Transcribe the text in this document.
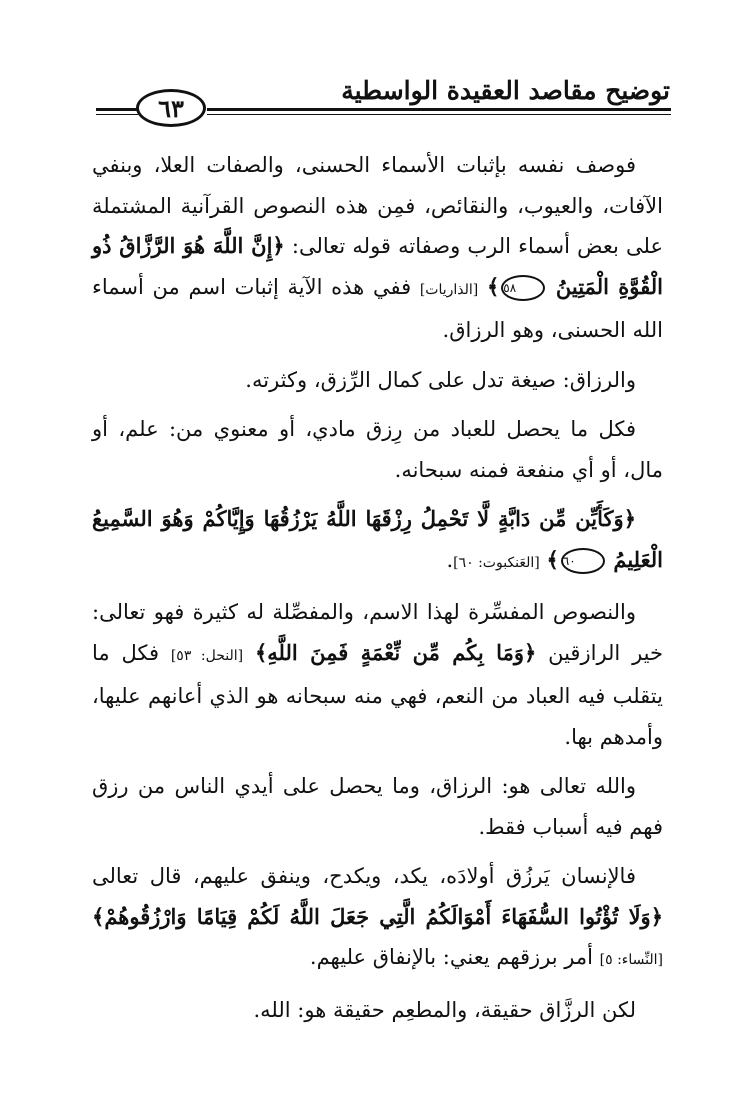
توضيح مقاصد العقيدة الواسطية
٦٣

فوصف نفسه بإثبات الأسماء الحسنى، والصفات العلا، وبنفي الآفات، والعيوب، والنقائص، فمِن هذه النصوص القرآنية المشتملة على بعض أسماء الرب وصفاته قوله تعالى: ﴿إِنَّ اللَّهَ هُوَ الرَّزَّاقُ ذُو الْقُوَّةِ الْمَتِينُ ٥٨﴾ [الذاريات] ففي هذه الآية إثبات اسم من أسماء الله الحسنى، وهو الرزاق.

والرزاق: صيغة تدل على كمال الرِّزق، وكثرته.

فكل ما يحصل للعباد من رِزق مادي، أو معنوي من: علم، أو مال، أو أي منفعة فمنه سبحانه.

﴿وَكَأَيِّن مِّن دَابَّةٍ لَّا تَحْمِلُ رِزْقَهَا اللَّهُ يَرْزُقُهَا وَإِيَّاكُمْ وَهُوَ السَّمِيعُ الْعَلِيمُ ٦٠﴾ [العَنكبوت: ٦٠].

والنصوص المفسِّرة لهذا الاسم، والمفصِّلة له كثيرة فهو تعالى: خير الرازقين ﴿وَمَا بِكُم مِّن نِّعْمَةٍ فَمِنَ اللَّهِ﴾ [النحل: ٥٣] فكل ما يتقلب فيه العباد من النعم، فهي منه سبحانه هو الذي أعانهم عليها، وأمدهم بها.

والله تعالى هو: الرزاق، وما يحصل على أيدي الناس من رزق فهم فيه أسباب فقط.

فالإنسان يَرزُق أولادَه، يكد، ويكدح، وينفق عليهم، قال تعالى ﴿وَلَا تُؤْتُوا السُّفَهَاءَ أَمْوَالَكُمُ الَّتِي جَعَلَ اللَّهُ لَكُمْ قِيَامًا وَارْزُقُوهُمْ﴾ [النِّساء: ٥] أمر برزقهم يعني: بالإنفاق عليهم.

لكن الرزَّاق حقيقة، والمطعِم حقيقة هو: الله.
